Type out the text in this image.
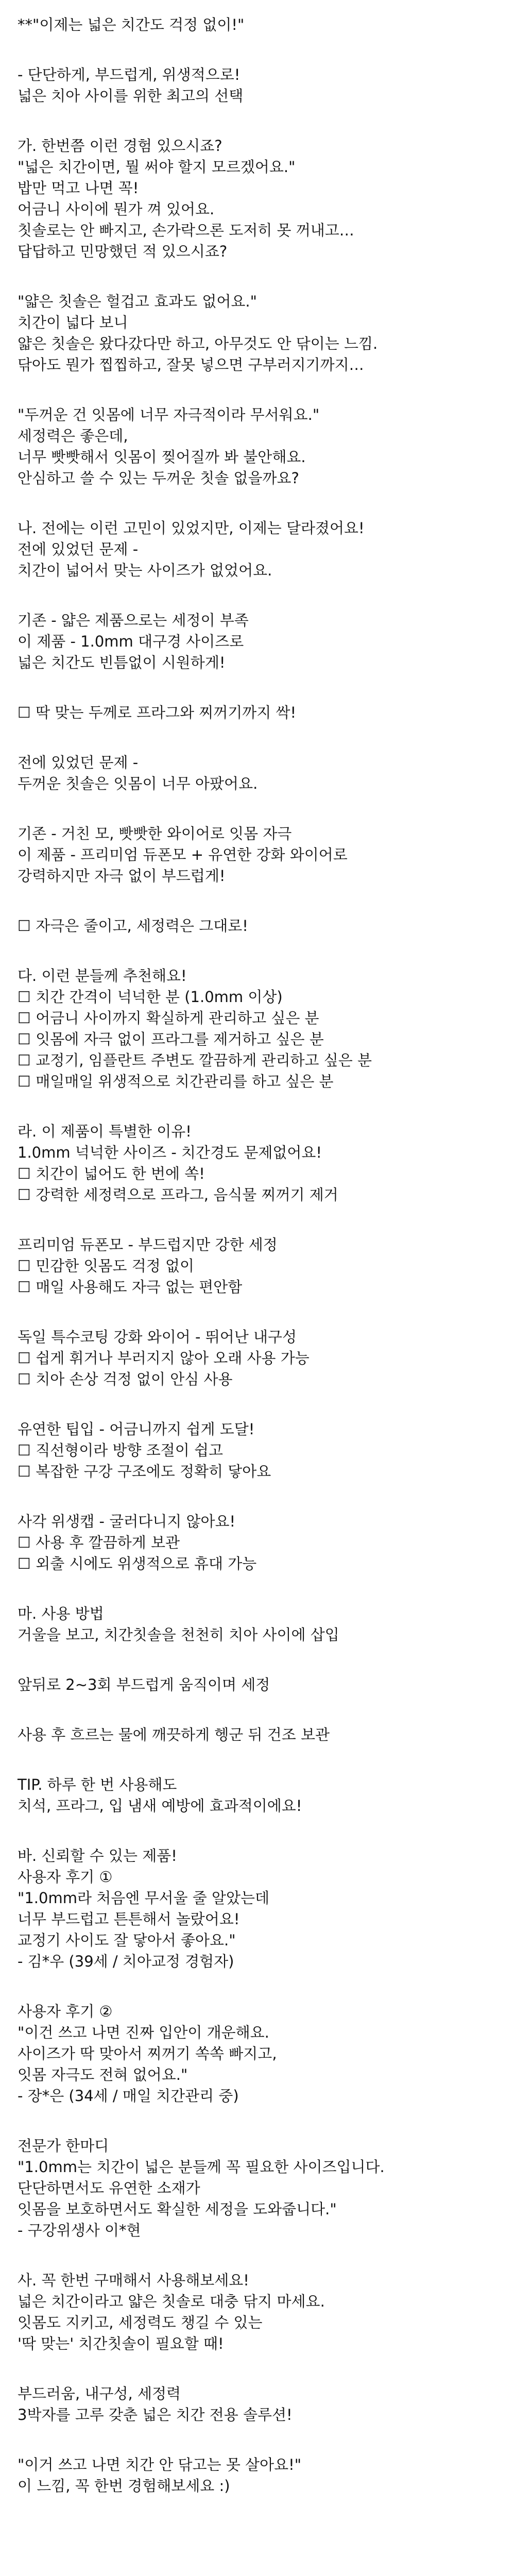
**"이제는 넓은 치간도 걱정 없이!"
- 단단하게, 부드럽게, 위생적으로!
넓은 치아 사이를 위한 최고의 선택
가. 한번쯤 이런 경험 있으시죠?
"넓은 치간이면, 뭘 써야 할지 모르겠어요."
밥만 먹고 나면 꼭!
어금니 사이에 뭔가 껴 있어요.
칫솔로는 안 빠지고, 손가락으론 도저히 못 꺼내고…
답답하고 민망했던 적 있으시죠?
"얇은 칫솔은 헐겁고 효과도 없어요."
치간이 넓다 보니
얇은 칫솔은 왔다갔다만 하고, 아무것도 안 닦이는 느낌.
닦아도 뭔가 찝찝하고, 잘못 넣으면 구부러지기까지…
"두꺼운 건 잇몸에 너무 자극적이라 무서워요."
세정력은 좋은데,
너무 빳빳해서 잇몸이 찢어질까 봐 불안해요.
안심하고 쓸 수 있는 두꺼운 칫솔 없을까요?
나. 전에는 이런 고민이 있었지만, 이제는 달라졌어요!
전에 있었던 문제 -
치간이 넓어서 맞는 사이즈가 없었어요.
기존 - 얇은 제품으로는 세정이 부족
이 제품 - 1.0mm 대구경 사이즈로
넓은 치간도 빈틈없이 시원하게!
☐ 딱 맞는 두께로 프라그와 찌꺼기까지 싹!
전에 있었던 문제 -
두꺼운 칫솔은 잇몸이 너무 아팠어요.
기존 - 거친 모, 빳빳한 와이어로 잇몸 자극
이 제품 - 프리미엄 듀폰모 + 유연한 강화 와이어로
강력하지만 자극 없이 부드럽게!
☐ 자극은 줄이고, 세정력은 그대로!
다. 이런 분들께 추천해요!
☐ 치간 간격이 넉넉한 분 (1.0mm 이상)
☐ 어금니 사이까지 확실하게 관리하고 싶은 분
☐ 잇몸에 자극 없이 프라그를 제거하고 싶은 분
☐ 교정기, 임플란트 주변도 깔끔하게 관리하고 싶은 분
☐ 매일매일 위생적으로 치간관리를 하고 싶은 분
라. 이 제품이 특별한 이유!
1.0mm 넉넉한 사이즈 - 치간경도 문제없어요!
☐ 치간이 넓어도 한 번에 쏙!
☐ 강력한 세정력으로 프라그, 음식물 찌꺼기 제거
프리미엄 듀폰모 - 부드럽지만 강한 세정
☐ 민감한 잇몸도 걱정 없이
☐ 매일 사용해도 자극 없는 편안함
독일 특수코팅 강화 와이어 - 뛰어난 내구성
☐ 쉽게 휘거나 부러지지 않아 오래 사용 가능
☐ 치아 손상 걱정 없이 안심 사용
유연한 팁입 - 어금니까지 쉽게 도달!
☐ 직선형이라 방향 조절이 쉽고
☐ 복잡한 구강 구조에도 정확히 닿아요
사각 위생캡 - 굴러다니지 않아요!
☐ 사용 후 깔끔하게 보관
☐ 외출 시에도 위생적으로 휴대 가능
마. 사용 방법
거울을 보고, 치간칫솔을 천천히 치아 사이에 삽입
앞뒤로 2~3회 부드럽게 움직이며 세정
사용 후 흐르는 물에 깨끗하게 헹군 뒤 건조 보관
TIP. 하루 한 번 사용해도
치석, 프라그, 입 냄새 예방에 효과적이에요!
바. 신뢰할 수 있는 제품!
사용자 후기 ①
"1.0mm라 처음엔 무서울 줄 알았는데
너무 부드럽고 튼튼해서 놀랐어요!
교정기 사이도 잘 닿아서 좋아요."
- 김*우 (39세 / 치아교정 경험자)
사용자 후기 ②
"이건 쓰고 나면 진짜 입안이 개운해요.
사이즈가 딱 맞아서 찌꺼기 쏙쏙 빠지고,
잇몸 자극도 전혀 없어요."
- 장*은 (34세 / 매일 치간관리 중)
전문가 한마디
"1.0mm는 치간이 넓은 분들께 꼭 필요한 사이즈입니다.
단단하면서도 유연한 소재가
잇몸을 보호하면서도 확실한 세정을 도와줍니다."
- 구강위생사 이*현
사. 꼭 한번 구매해서 사용해보세요!
넓은 치간이라고 얇은 칫솔로 대충 닦지 마세요.
잇몸도 지키고, 세정력도 챙길 수 있는
'딱 맞는' 치간칫솔이 필요할 때!
부드러움, 내구성, 세정력
3박자를 고루 갖춘 넓은 치간 전용 솔루션!
"이거 쓰고 나면 치간 안 닦고는 못 살아요!"
이 느낌, 꼭 한번 경험해보세요 :)
